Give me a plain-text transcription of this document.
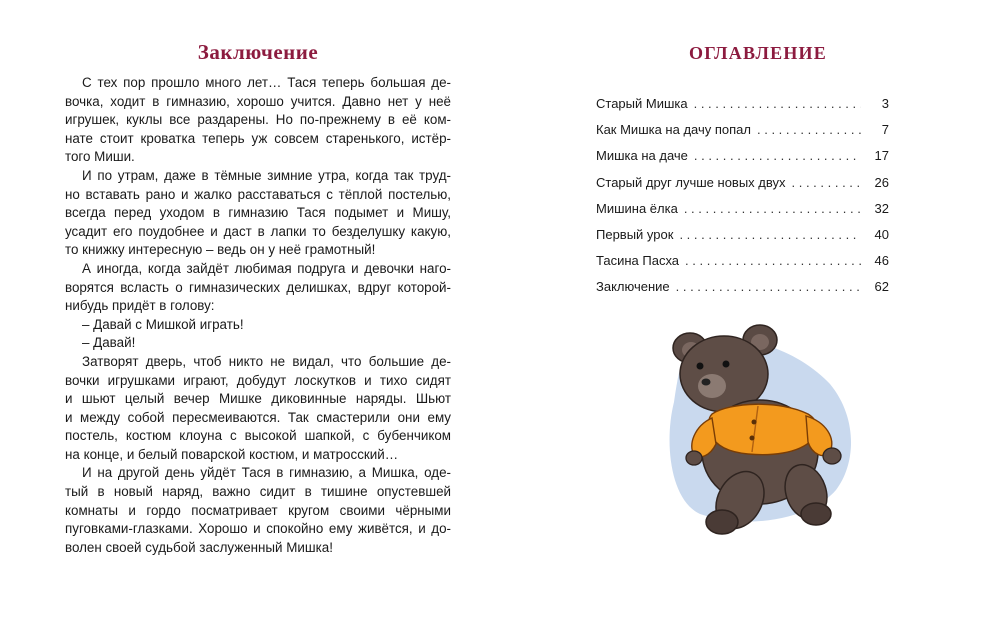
Заключение
С тех пор прошло много лет… Тася теперь большая де-
вочка, ходит в гимназию, хорошо учится. Давно нет у неё
игрушек, куклы все раздарены. Но по-прежнему в её ком-
нате стоит кроватка теперь уж совсем старенького, истёр-
того Миши.
И по утрам, даже в тёмные зимние утра, когда так труд-
но вставать рано и жалко расставаться с тёплой постелью,
всегда перед уходом в гимназию Тася подымет и Мишу,
усадит его поудобнее и даст в лапки то безделушку какую,
то книжку интересную – ведь он у неё грамотный!
А иногда, когда зайдёт любимая подруга и девочки наго-
ворятся всласть о гимназических делишках, вдруг которой-
нибудь придёт в голову:
– Давай с Мишкой играть!
– Давай!
Затворят дверь, чтоб никто не видал, что большие де-
вочки игрушками играют, добудут лоскутков и тихо сидят
и шьют целый вечер Мишке диковинные наряды. Шьют
и между собой пересмеиваются. Так смастерили они ему
постель, костюм клоуна с высокой шапкой, с бубенчиком
на конце, и белый поварской костюм, и матросский…
И на другой день уйдёт Тася в гимназию, а Мишка, оде-
тый в новый наряд, важно сидит в тишине опустевшей
комнаты и гордо посматривает кругом своими чёрными
пуговками-глазками. Хорошо и спокойно ему живётся, и до-
волен своей судьбой заслуженный Мишка!
ОГЛАВЛЕНИЕ
Старый Мишка . . .	3
Как Мишка на дачу попал . . .	7
Мишка на даче . . .	17
Старый друг лучше новых двух . . .	26
Мишина ёлка . . .	32
Первый урок . . .	40
Тасина Пасха . . .	46
Заключение . . .	62
